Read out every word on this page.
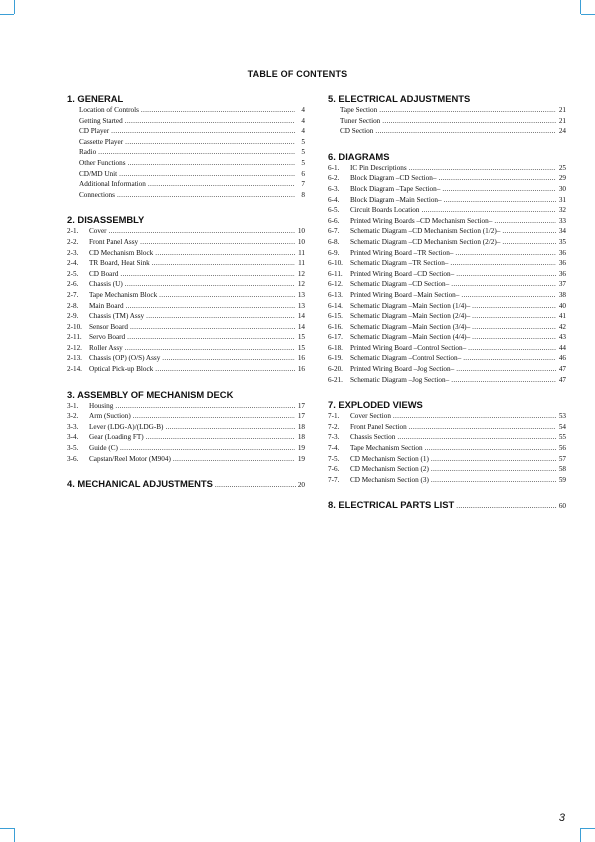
TABLE OF CONTENTS
1. GENERAL
Location of Controls .....	4
Getting Started .....	4
CD Player .....	4
Cassette Player .....	5
Radio .....	5
Other Functions .....	5
CD/MD Unit .....	6
Additional Information .....	7
Connections .....	8
2. DISASSEMBLY
2-1.	Cover .....	10
2-2.	Front Panel Assy .....	10
2-3.	CD Mechanism Block .....	11
2-4.	TR Board, Heat Sink .....	11
2-5.	CD Board .....	12
2-6.	Chassis (U) .....	12
2-7.	Tape Mechanism Block .....	13
2-8.	Main Board .....	13
2-9.	Chassis (TM) Assy .....	14
2-10. Sensor Board .....	14
2-11.	Servo Board .....	15
2-12. Roller Assy .....	15
2-13. Chassis (OP) (O/S) Assy .....	16
2-14. Optical Pick-up Block .....	16
3. ASSEMBLY OF MECHANISM DECK
3-1.	Housing .....	17
3-2.	Arm (Suction) .....	17
3-3.	Lever (LDG-A)/(LDG-B) .....	18
3-4.	Gear (Loading FT) .....	18
3-5.	Guide (C) .....	19
3-6.	Capstan/Reel Motor (M904) .....	19
4. MECHANICAL ADJUSTMENTS .....	20
5. ELECTRICAL ADJUSTMENTS
Tape Section .....	21
Tuner Section .....	21
CD Section .....	24
6. DIAGRAMS
6-1.	IC Pin Descriptions .....	25
6-2.	Block Diagram –CD Section– .....	29
6-3.	Block Diagram –Tape Section– .....	30
6-4.	Block Diagram –Main Section– .....	31
6-5.	Circuit Boards Location .....	32
6-6.	Printed Wiring Boards –CD Mechanism Section– .....	33
6-7.	Schematic Diagram –CD Mechanism Section (1/2)– .....	34
6-8.	Schematic Diagram –CD Mechanism Section (2/2)– .....	35
6-9.	Printed Wiring Board –TR Section– .....	36
6-10. Schematic Diagram –TR Section– .....	36
6-11.	Printed Wiring Board –CD Section– .....	36
6-12. Schematic Diagram –CD Section– .....	37
6-13. Printed Wiring Board –Main Section– .....	38
6-14. Schematic Diagram –Main Section (1/4)– .....	40
6-15. Schematic Diagram –Main Section (2/4)– .....	41
6-16. Schematic Diagram –Main Section (3/4)– .....	42
6-17. Schematic Diagram –Main Section (4/4)– .....	43
6-18. Printed Wiring Board –Control Section– .....	44
6-19. Schematic Diagram –Control Section– .....	46
6-20. Printed Wiring Board –Jog Section– .....	47
6-21. Schematic Diagram –Jog Section– .....	47
7. EXPLODED VIEWS
7-1.	Cover Section .....	53
7-2.	Front Panel Section .....	54
7-3.	Chassis Section .....	55
7-4.	Tape Mechanism Section .....	56
7-5.	CD Mechanism Section (1) .....	57
7-6.	CD Mechanism Section (2) .....	58
7-7.	CD Mechanism Section (3) .....	59
8. ELECTRICAL PARTS LIST .....	60
3
